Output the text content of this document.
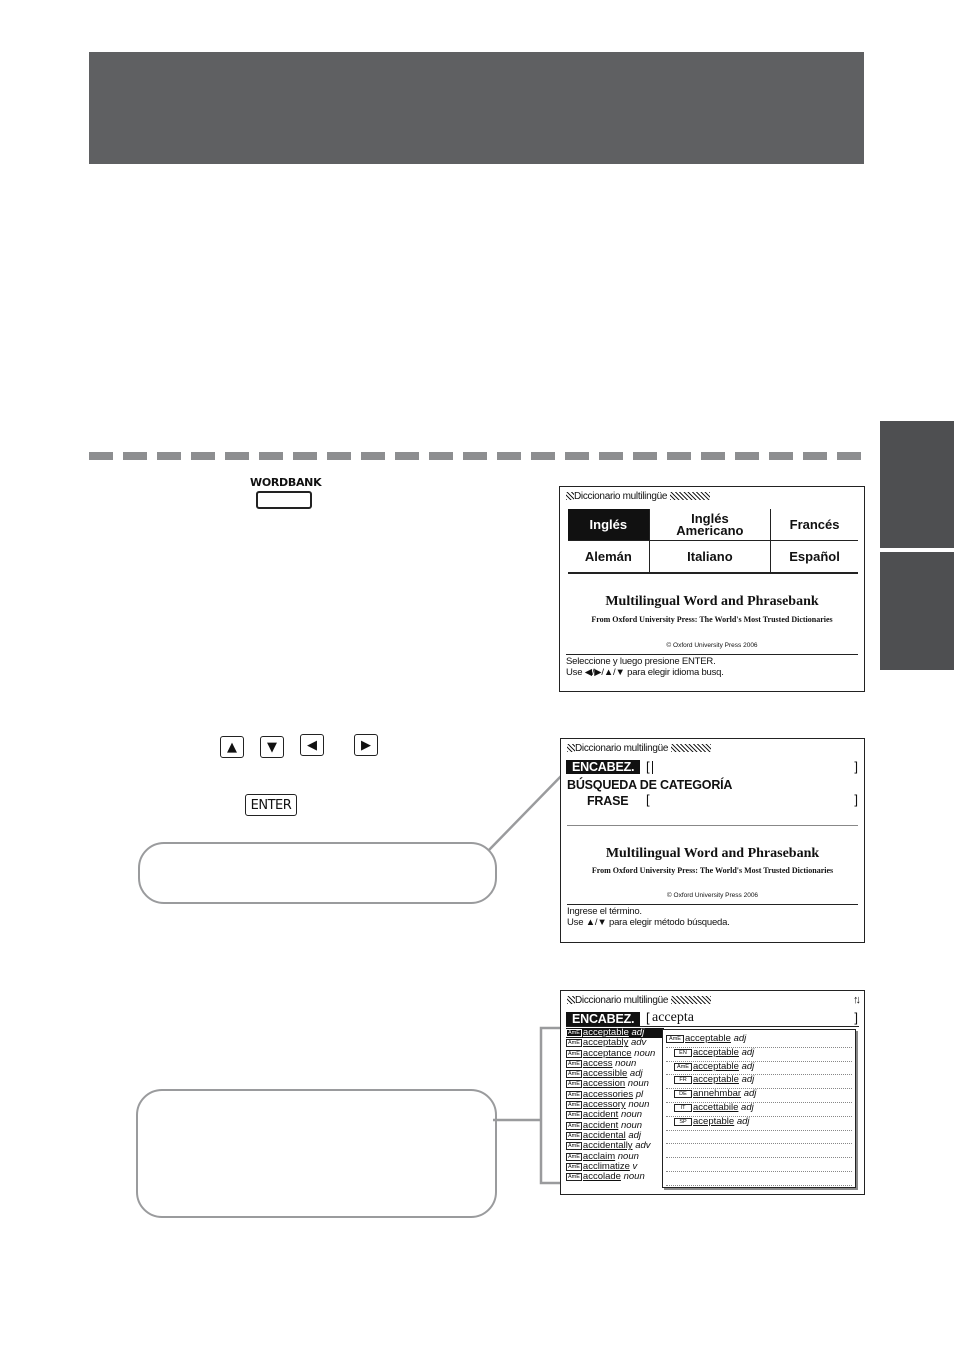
WORDBANK
▲	▼	◀	▶
ENTER
Diccionario multilingüe
Inglés	Inglés Americano	Francés
Alemán	Italiano	Español
Multilingual Word and Phrasebank
From Oxford University Press: The World's Most Trusted Dictionaries
© Oxford University Press 2006
Seleccione y luego presione ENTER.
Use ◀/▶/▲/▼ para elegir idioma busq.
Diccionario multilingüe
ENCABEZ. [	]
BÚSQUEDA DE CATEGORÍA
FRASE [	]
Multilingual Word and Phrasebank
From Oxford University Press: The World's Most Trusted Dictionaries
© Oxford University Press 2006
Ingrese el término.
Use ▲/▼ para elegir método búsqueda.
Diccionario multilingüe	↑↓
ENCABEZ. [ accepta	]
AmE acceptable adj
AmE acceptably adv
AmE acceptance noun
AmE access noun
AmE accessible adj
AmE accession noun
AmE accessories pl
AmE accessory noun
AmE accident noun
AmE accident noun
AmE accidental adj
AmE accidentally adv
AmE acclaim noun
AmE acclimatize v
AmE accolade noun
AmE acceptable adj
EN acceptable adj
AmE acceptable adj
FR acceptable adj
DE annehmbar adj
IT accettabile adj
SP aceptable adj
